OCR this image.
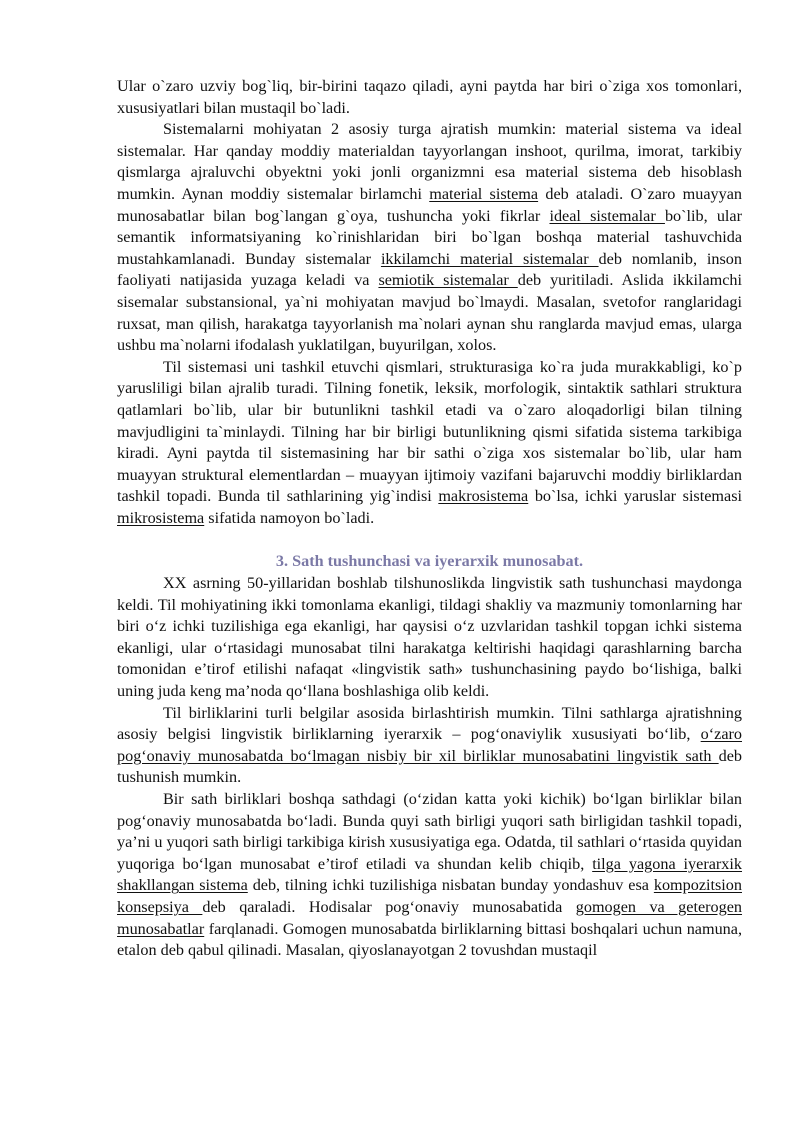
Ular o`zaro uzviy bog`liq, bir-birini taqazo qiladi, ayni paytda har biri o`ziga xos tomonlari, xususiyatlari bilan mustaqil bo`ladi.

Sistemalarni mohiyatan 2 asosiy turga ajratish mumkin: material sistema va ideal sistemalar. Har qanday moddiy materialdan tayyorlangan inshoot, qurilma, imorat, tarkibiy qismlarga ajraluvchi obyektni yoki jonli organizmni esa material sistema deb hisoblash mumkin. Aynan moddiy sistemalar birlamchi material sistema deb ataladi. O`zaro muayyan munosabatlar bilan bog`langan g`oya, tushuncha yoki fikrlar ideal sistemalar bo`lib, ular semantik informatsiyaning ko`rinishlaridan biri bo`lgan boshqa material tashuvchida mustahkamlanadi. Bunday sistemalar ikkilamchi material sistemalar deb nomlanib, inson faoliyati natijasida yuzaga keladi va semiotik sistemalar deb yuritiladi. Aslida ikkilamchi sisemalar substansional, ya`ni mohiyatan mavjud bo`lmaydi. Masalan, svetofor ranglaridagi ruxsat, man qilish, harakatga tayyorlanish ma`nolari aynan shu ranglarda mavjud emas, ularga ushbu ma`nolarni ifodalash yuklatilgan, buyurilgan, xolos.

Til sistemasi uni tashkil etuvchi qismlari, strukturasiga ko`ra juda murakkabligi, ko`p yarusliligi bilan ajralib turadi. Tilning fonetik, leksik, morfologik, sintaktik sathlari struktura qatlamlari bo`lib, ular bir butunlikni tashkil etadi va o`zaro aloqadorligi bilan tilning mavjudligini ta`minlaydi. Tilning har bir birligi butunlikning qismi sifatida sistema tarkibiga kiradi. Ayni paytda til sistemasining har bir sathi o`ziga xos sistemalar bo`lib, ular ham muayyan struktural elementlardan – muayyan ijtimoiy vazifani bajaruvchi moddiy birliklardan tashkil topadi. Bunda til sathlarining yig`indisi makrosistema bo`lsa, ichki yaruslar sistemasi mikrosistema sifatida namoyon bo`ladi.

3. Sath tushunchasi va iyerarxik munosabat.

XX asrning 50-yillaridan boshlab tilshunoslikda lingvistik sath tushunchasi maydonga keldi. Til mohiyatining ikki tomonlama ekanligi, tildagi shakliy va mazmuniy tomonlarning har biri o‘z ichki tuzilishiga ega ekanligi, har qaysisi o‘z uzvlaridan tashkil topgan ichki sistema ekanligi, ular o‘rtasidagi munosabat tilni harakatga keltirishi haqidagi qarashlarning barcha tomonidan e’tirof etilishi nafaqat «lingvistik sath» tushunchasining paydo bo‘lishiga, balki uning juda keng ma’noda qo‘llana boshlashiga olib keldi.

Til birliklarini turli belgilar asosida birlashtirish mumkin. Tilni sathlarga ajratishning asosiy belgisi lingvistik birliklarning iyerarxik – pog‘onaviylik xususiyati bo‘lib, o‘zaro pog‘onaviy munosabatda bo‘lmagan nisbiy bir xil birliklar munosabatini lingvistik sath deb tushunish mumkin.

Bir sath birliklari boshqa sathdagi (o‘zidan katta yoki kichik) bo‘lgan birliklar bilan pog‘onaviy munosabatda bo‘ladi. Bunda quyi sath birligi yuqori sath birligidan tashkil topadi, ya’ni u yuqori sath birligi tarkibiga kirish xususiyatiga ega. Odatda, til sathlari o‘rtasida quyidan yuqoriga bo‘lgan munosabat e’tirof etiladi va shundan kelib chiqib, tilga yagona iyerarxik shakllangan sistema deb, tilning ichki tuzilishiga nisbatan bunday yondashuv esa kompozitsion konsepsiya deb qaraladi. Hodisalar pog‘onaviy munosabatida gomogen va geterogen munosabatlar farqlanadi. Gomogen munosabatda birliklarning bittasi boshqalari uchun namuna, etalon deb qabul qilinadi. Masalan, qiyoslanayotgan 2 tovushdan mustaqil
